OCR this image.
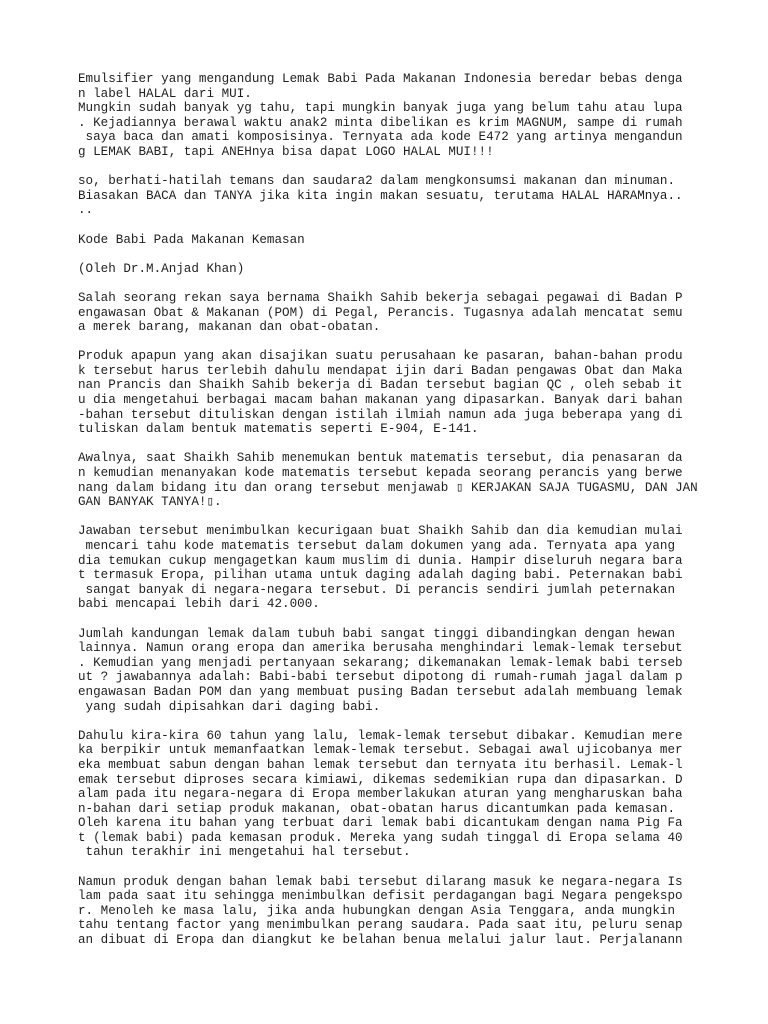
Emulsifier yang mengandung Lemak Babi Pada Makanan Indonesia beredar bebas denga
n label HALAL dari MUI.
Mungkin sudah banyak yg tahu, tapi mungkin banyak juga yang belum tahu atau lupa
. Kejadiannya berawal waktu anak2 minta dibelikan es krim MAGNUM, sampe di rumah
saya baca dan amati komposisinya. Ternyata ada kode E472 yang artinya mengandun
g LEMAK BABI, tapi ANEHnya bisa dapat LOGO HALAL MUI!!!
so, berhati-hatilah temans dan saudara2 dalam mengkonsumsi makanan dan minuman.
Biasakan BACA dan TANYA jika kita ingin makan sesuatu, terutama HALAL HARAMnya..
..
Kode Babi Pada Makanan Kemasan
(Oleh Dr.M.Anjad Khan)
Salah seorang rekan saya bernama Shaikh Sahib bekerja sebagai pegawai di Badan P
engawasan Obat & Makanan (POM) di Pegal, Perancis. Tugasnya adalah mencatat semu
a merek barang, makanan dan obat-obatan.
Produk apapun yang akan disajikan suatu perusahaan ke pasaran, bahan-bahan produ
k tersebut harus terlebih dahulu mendapat ijin dari Badan pengawas Obat dan Maka
nan Prancis dan Shaikh Sahib bekerja di Badan tersebut bagian QC , oleh sebab it
u dia mengetahui berbagai macam bahan makanan yang dipasarkan. Banyak dari bahan
-bahan tersebut dituliskan dengan istilah ilmiah namun ada juga beberapa yang di
tuliskan dalam bentuk matematis seperti E-904, E-141.
Awalnya, saat Shaikh Sahib menemukan bentuk matematis tersebut, dia penasaran da
n kemudian menanyakan kode matematis tersebut kepada seorang perancis yang berwe
nang dalam bidang itu dan orang tersebut menjawab ▯ KERJAKAN SAJA TUGASMU, DAN JAN
GAN BANYAK TANYA!▯.
Jawaban tersebut menimbulkan kecurigaan buat Shaikh Sahib dan dia kemudian mulai
mencari tahu kode matematis tersebut dalam dokumen yang ada. Ternyata apa yang
dia temukan cukup mengagetkan kaum muslim di dunia. Hampir diseluruh negara bara
t termasuk Eropa, pilihan utama untuk daging adalah daging babi. Peternakan babi
sangat banyak di negara-negara tersebut. Di perancis sendiri jumlah peternakan
babi mencapai lebih dari 42.000.
Jumlah kandungan lemak dalam tubuh babi sangat tinggi dibandingkan dengan hewan
lainnya. Namun orang eropa dan amerika berusaha menghindari lemak-lemak tersebut
. Kemudian yang menjadi pertanyaan sekarang; dikemanakan lemak-lemak babi terseb
ut ? jawabannya adalah: Babi-babi tersebut dipotong di rumah-rumah jagal dalam p
engawasan Badan POM dan yang membuat pusing Badan tersebut adalah membuang lemak
yang sudah dipisahkan dari daging babi.
Dahulu kira-kira 60 tahun yang lalu, lemak-lemak tersebut dibakar. Kemudian mere
ka berpikir untuk memanfaatkan lemak-lemak tersebut. Sebagai awal ujicobanya mer
eka membuat sabun dengan bahan lemak tersebut dan ternyata itu berhasil. Lemak-l
emak tersebut diproses secara kimiawi, dikemas sedemikian rupa dan dipasarkan. D
alam pada itu negara-negara di Eropa memberlakukan aturan yang mengharuskan baha
n-bahan dari setiap produk makanan, obat-obatan harus dicantumkan pada kemasan.
Oleh karena itu bahan yang terbuat dari lemak babi dicantukam dengan nama Pig Fa
t (lemak babi) pada kemasan produk. Mereka yang sudah tinggal di Eropa selama 40
tahun terakhir ini mengetahui hal tersebut.
Namun produk dengan bahan lemak babi tersebut dilarang masuk ke negara-negara Is
lam pada saat itu sehingga menimbulkan defisit perdagangan bagi Negara pengekspo
r. Menoleh ke masa lalu, jika anda hubungkan dengan Asia Tenggara, anda mungkin
tahu tentang factor yang menimbulkan perang saudara. Pada saat itu, peluru senap
an dibuat di Eropa dan diangkut ke belahan benua melalui jalur laut. Perjalanann
